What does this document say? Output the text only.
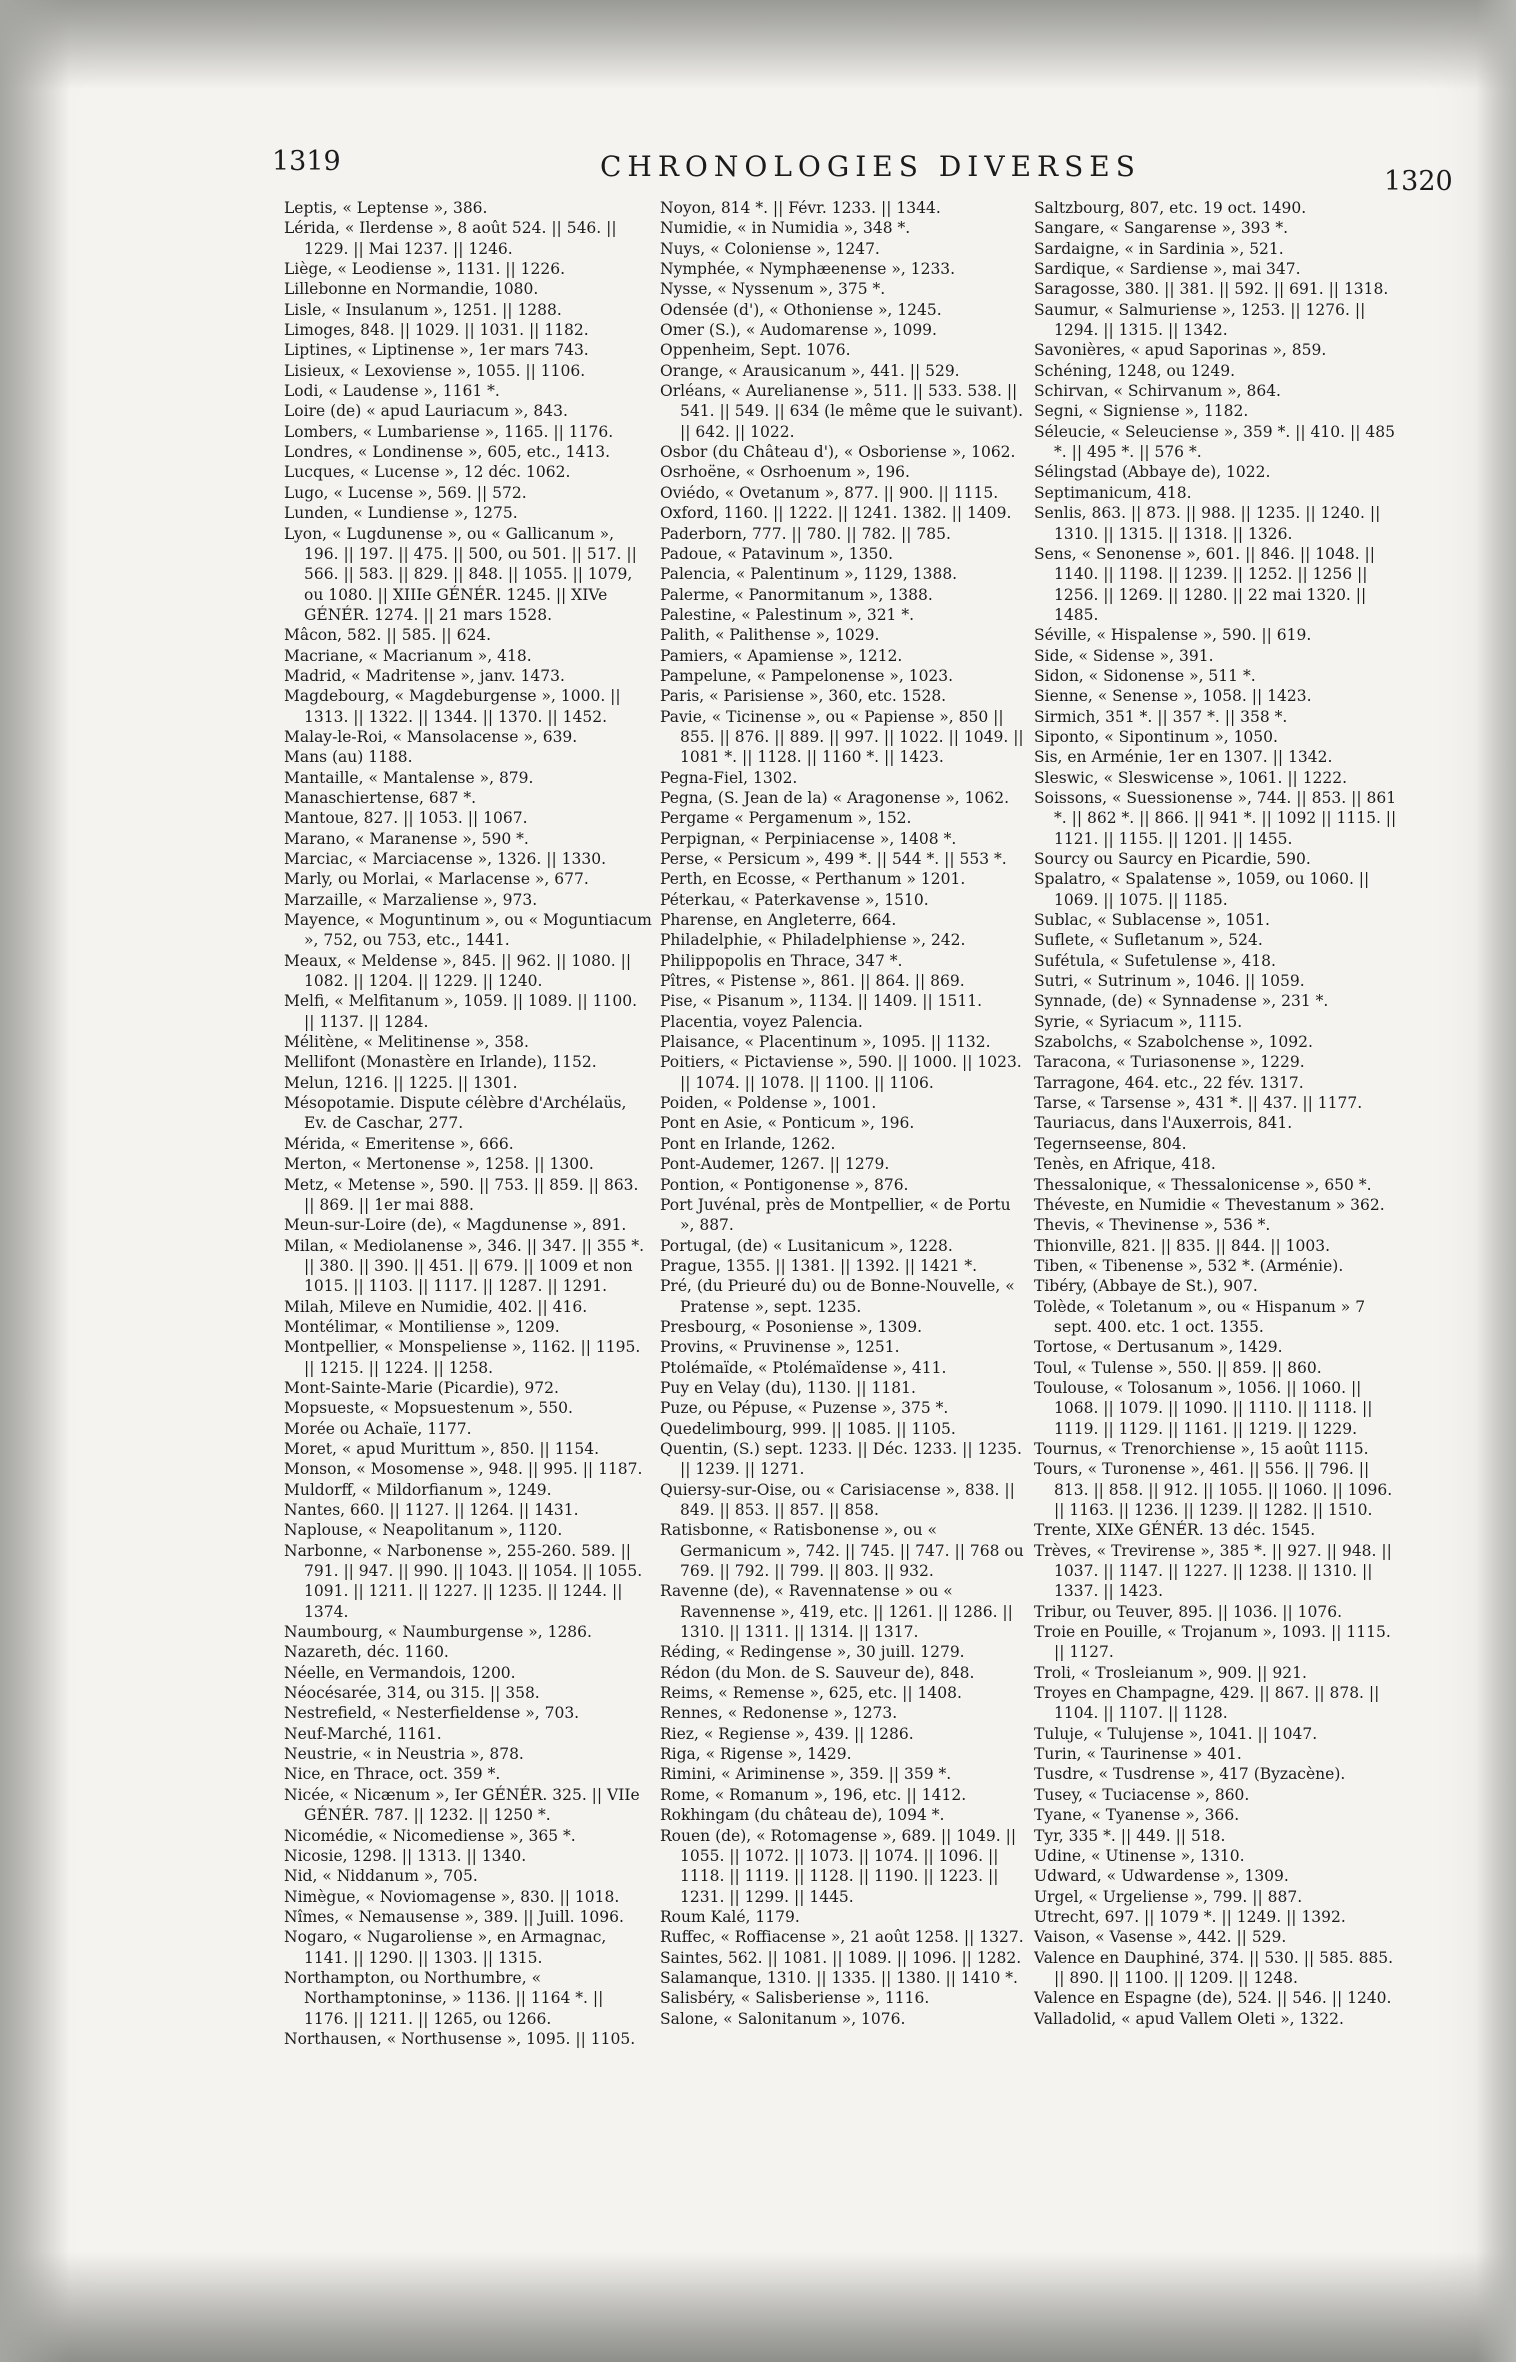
1319	CHRONOLOGIES DIVERSES	1320

Leptis, « Leptense », 386.

Lérida, « Ilerdense », 8 août 524. || 546. || 1229. || Mai 1237. || 1246.

Liège, « Leodiense », 1131. || 1226.

Lillebonne en Normandie, 1080.

Lisle, « Insulanum », 1251. || 1288.

Limoges, 848. || 1029. || 1031. || 1182.

Liptines, « Liptinense », 1er mars 743.

Lisieux, « Lexoviense », 1055. || 1106.

Lodi, « Laudense », 1161 *.

Loire (de) « apud Lauriacum », 843.

Lombers, « Lumbariense », 1165. || 1176.

Londres, « Londinense », 605, etc., 1413.

Lucques, « Lucense », 12 déc. 1062.

Lugo, « Lucense », 569. || 572.

Lunden, « Lundiense », 1275.

Lyon, « Lugdunense », ou « Gallicanum », 196. || 197. || 475. || 500, ou 501. || 517. || 566. || 583. || 829. || 848. || 1055. || 1079, ou 1080. || XIIIe GÉNÉR. 1245. || XIVe GÉNÉR. 1274. || 21 mars 1528.

Mâcon, 582. || 585. || 624.

Macriane, « Macrianum », 418.

Madrid, « Madritense », janv. 1473.

Magdebourg, « Magdeburgense », 1000. || 1313. || 1322. || 1344. || 1370. || 1452.

Malay-le-Roi, « Mansolacense », 639.

Mans (au) 1188.

Mantaille, « Mantalense », 879.

Manaschiertense, 687 *.

Mantoue, 827. || 1053. || 1067.

Marano, « Maranense », 590 *.

Marciac, « Marciacense », 1326. || 1330.

Marly, ou Morlai, « Marlacense », 677.

Marzaille, « Marzaliense », 973.

Mayence, « Moguntinum », ou « Moguntiacum », 752, ou 753, etc., 1441.

Meaux, « Meldense », 845. || 962. || 1080. || 1082. || 1204. || 1229. || 1240.

Melfi, « Melfitanum », 1059. || 1089. || 1100. || 1137. || 1284.

Mélitène, « Melitinense », 358.

Mellifont (Monastère en Irlande), 1152.

Melun, 1216. || 1225. || 1301.

Mésopotamie. Dispute célèbre d'Archélaüs, Ev. de Caschar, 277.

Mérida, « Emeritense », 666.

Merton, « Mertonense », 1258. || 1300.

Metz, « Metense », 590. || 753. || 859. || 863. || 869. || 1er mai 888.

Meun-sur-Loire (de), « Magdunense », 891.

Milan, « Mediolanense », 346. || 347. || 355 *. || 380. || 390. || 451. || 679. || 1009 et non 1015. || 1103. || 1117. || 1287. || 1291.

Milah, Mileve en Numidie, 402. || 416.

Montélimar, « Montiliense », 1209.

Montpellier, « Monspeliense », 1162. || 1195. || 1215. || 1224. || 1258.

Mont-Sainte-Marie (Picardie), 972.

Mopsueste, « Mopsuestenum », 550.

Morée ou Achaïe, 1177.

Moret, « apud Murittum », 850. || 1154.

Monson, « Mosomense », 948. || 995. || 1187.

Muldorff, « Mildorfianum », 1249.

Nantes, 660. || 1127. || 1264. || 1431.

Naplouse, « Neapolitanum », 1120.

Narbonne, « Narbonense », 255-260. 589. || 791. || 947. || 990. || 1043. || 1054. || 1055. 1091. || 1211. || 1227. || 1235. || 1244. || 1374.

Naumbourg, « Naumburgense », 1286.

Nazareth, déc. 1160.

Néelle, en Vermandois, 1200.

Néocésarée, 314, ou 315. || 358.

Nestrefield, « Nesterfieldense », 703.

Neuf-Marché, 1161.

Neustrie, « in Neustria », 878.

Nice, en Thrace, oct. 359 *.

Nicée, « Nicænum », Ier GÉNÉR. 325. || VIIe GÉNÉR. 787. || 1232. || 1250 *.

Nicomédie, « Nicomediense », 365 *.

Nicosie, 1298. || 1313. || 1340.

Nid, « Niddanum », 705.

Nimègue, « Noviomagense », 830. || 1018.

Nîmes, « Nemausense », 389. || Juill. 1096.

Nogaro, « Nugaroliense », en Armagnac, 1141. || 1290. || 1303. || 1315.

Northampton, ou Northumbre, « Northamptoninse, » 1136. || 1164 *. || 1176. || 1211. || 1265, ou 1266.

Northausen, « Northusense », 1095. || 1105.

Noyon, 814 *. || Févr. 1233. || 1344.

Numidie, « in Numidia », 348 *.

Nuys, « Coloniense », 1247.

Nymphée, « Nymphæenense », 1233.

Nysse, « Nyssenum », 375 *.

Odensée (d'), « Othoniense », 1245.

Omer (S.), « Audomarense », 1099.

Oppenheim, Sept. 1076.

Orange, « Arausicanum », 441. || 529.

Orléans, « Aurelianense », 511. || 533. 538. || 541. || 549. || 634 (le même que le suivant). || 642. || 1022.

Osbor (du Château d'), « Osboriense », 1062.

Osrhoëne, « Osrhoenum », 196.

Oviédo, « Ovetanum », 877. || 900. || 1115.

Oxford, 1160. || 1222. || 1241. 1382. || 1409.

Paderborn, 777. || 780. || 782. || 785.

Padoue, « Patavinum », 1350.

Palencia, « Palentinum », 1129, 1388.

Palerme, « Panormitanum », 1388.

Palestine, « Palestinum », 321 *.

Palith, « Palithense », 1029.

Pamiers, « Apamiense », 1212.

Pampelune, « Pampelonense », 1023.

Paris, « Parisiense », 360, etc. 1528.

Pavie, « Ticinense », ou « Papiense », 850 || 855. || 876. || 889. || 997. || 1022. || 1049. || 1081 *. || 1128. || 1160 *. || 1423.

Pegna-Fiel, 1302.

Pegna, (S. Jean de la) « Aragonense », 1062.

Pergame « Pergamenum », 152.

Perpignan, « Perpiniacense », 1408 *.

Perse, « Persicum », 499 *. || 544 *. || 553 *.

Perth, en Ecosse, « Perthanum » 1201.

Péterkau, « Paterkavense », 1510.

Pharense, en Angleterre, 664.

Philadelphie, « Philadelphiense », 242.

Philippopolis en Thrace, 347 *.

Pîtres, « Pistense », 861. || 864. || 869.

Pise, « Pisanum », 1134. || 1409. || 1511.

Placentia, voyez Palencia.

Plaisance, « Placentinum », 1095. || 1132.

Poitiers, « Pictaviense », 590. || 1000. || 1023. || 1074. || 1078. || 1100. || 1106.

Poiden, « Poldense », 1001.

Pont en Asie, « Ponticum », 196.

Pont en Irlande, 1262.

Pont-Audemer, 1267. || 1279.

Pontion, « Pontigonense », 876.

Port Juvénal, près de Montpellier, « de Portu », 887.

Portugal, (de) « Lusitanicum », 1228.

Prague, 1355. || 1381. || 1392. || 1421 *.

Pré, (du Prieuré du) ou de Bonne-Nouvelle, « Pratense », sept. 1235.

Presbourg, « Posoniense », 1309.

Provins, « Pruvinense », 1251.

Ptolémaïde, « Ptolémaïdense », 411.

Puy en Velay (du), 1130. || 1181.

Puze, ou Pépuse, « Puzense », 375 *.

Quedelimbourg, 999. || 1085. || 1105.

Quentin, (S.) sept. 1233. || Déc. 1233. || 1235. || 1239. || 1271.

Quiersy-sur-Oise, ou « Carisiacense », 838. || 849. || 853. || 857. || 858.

Ratisbonne, « Ratisbonense », ou « Germanicum », 742. || 745. || 747. || 768 ou 769. || 792. || 799. || 803. || 932.

Ravenne (de), « Ravennatense » ou « Ravennense », 419, etc. || 1261. || 1286. || 1310. || 1311. || 1314. || 1317.

Réding, « Redingense », 30 juill. 1279.

Rédon (du Mon. de S. Sauveur de), 848.

Reims, « Remense », 625, etc. || 1408.

Rennes, « Redonense », 1273.

Riez, « Regiense », 439. || 1286.

Riga, « Rigense », 1429.

Rimini, « Ariminense », 359. || 359 *.

Rome, « Romanum », 196, etc. || 1412.

Rokhingam (du château de), 1094 *.

Rouen (de), « Rotomagense », 689. || 1049. || 1055. || 1072. || 1073. || 1074. || 1096. || 1118. || 1119. || 1128. || 1190. || 1223. || 1231. || 1299. || 1445.

Roum Kalé, 1179.

Ruffec, « Roffiacense », 21 août 1258. || 1327.

Saintes, 562. || 1081. || 1089. || 1096. || 1282.

Salamanque, 1310. || 1335. || 1380. || 1410 *.

Salisbéry, « Salisberiense », 1116.

Salone, « Salonitanum », 1076.

Saltzbourg, 807, etc. 19 oct. 1490.

Sangare, « Sangarense », 393 *.

Sardaigne, « in Sardinia », 521.

Sardique, « Sardiense », mai 347.

Saragosse, 380. || 381. || 592. || 691. || 1318.

Saumur, « Salmuriense », 1253. || 1276. || 1294. || 1315. || 1342.

Savonières, « apud Saporinas », 859.

Schéning, 1248, ou 1249.

Schirvan, « Schirvanum », 864.

Segni, « Signiense », 1182.

Séleucie, « Seleuciense », 359 *. || 410. || 485 *. || 495 *. || 576 *.

Sélingstad (Abbaye de), 1022.

Septimanicum, 418.

Senlis, 863. || 873. || 988. || 1235. || 1240. || 1310. || 1315. || 1318. || 1326.

Sens, « Senonense », 601. || 846. || 1048. || 1140. || 1198. || 1239. || 1252. || 1256 || 1256. || 1269. || 1280. || 22 mai 1320. || 1485.

Séville, « Hispalense », 590. || 619.

Side, « Sidense », 391.

Sidon, « Sidonense », 511 *.

Sienne, « Senense », 1058. || 1423.

Sirmich, 351 *. || 357 *. || 358 *.

Siponto, « Sipontinum », 1050.

Sis, en Arménie, 1er en 1307. || 1342.

Sleswic, « Sleswicense », 1061. || 1222.

Soissons, « Suessionense », 744. || 853. || 861 *. || 862 *. || 866. || 941 *. || 1092 || 1115. || 1121. || 1155. || 1201. || 1455.

Sourcy ou Saurcy en Picardie, 590.

Spalatro, « Spalatense », 1059, ou 1060. || 1069. || 1075. || 1185.

Sublac, « Sublacense », 1051.

Suflete, « Sufletanum », 524.

Sufétula, « Sufetulense », 418.

Sutri, « Sutrinum », 1046. || 1059.

Synnade, (de) « Synnadense », 231 *.

Syrie, « Syriacum », 1115.

Szabolchs, « Szabolchense », 1092.

Taracona, « Turiasonense », 1229.

Tarragone, 464. etc., 22 fév. 1317.

Tarse, « Tarsense », 431 *. || 437. || 1177.

Tauriacus, dans l'Auxerrois, 841.

Tegernseense, 804.

Tenès, en Afrique, 418.

Thessalonique, « Thessalonicense », 650 *.

Théveste, en Numidie « Thevestanum » 362.

Thevis, « Thevinense », 536 *.

Thionville, 821. || 835. || 844. || 1003.

Tiben, « Tibenense », 532 *. (Arménie).

Tibéry, (Abbaye de St.), 907.

Tolède, « Toletanum », ou « Hispanum » 7 sept. 400. etc. 1 oct. 1355.

Tortose, « Dertusanum », 1429.

Toul, « Tulense », 550. || 859. || 860.

Toulouse, « Tolosanum », 1056. || 1060. || 1068. || 1079. || 1090. || 1110. || 1118. || 1119. || 1129. || 1161. || 1219. || 1229.

Tournus, « Trenorchiense », 15 août 1115.

Tours, « Turonense », 461. || 556. || 796. || 813. || 858. || 912. || 1055. || 1060. || 1096. || 1163. || 1236. || 1239. || 1282. || 1510.

Trente, XIXe GÉNÉR. 13 déc. 1545.

Trèves, « Trevirense », 385 *. || 927. || 948. || 1037. || 1147. || 1227. || 1238. || 1310. || 1337. || 1423.

Tribur, ou Teuver, 895. || 1036. || 1076.

Troie en Pouille, « Trojanum », 1093. || 1115. || 1127.

Troli, « Trosleianum », 909. || 921.

Troyes en Champagne, 429. || 867. || 878. || 1104. || 1107. || 1128.

Tuluje, « Tulujense », 1041. || 1047.

Turin, « Taurinense » 401.

Tusdre, « Tusdrense », 417 (Byzacène).

Tusey, « Tuciacense », 860.

Tyane, « Tyanense », 366.

Tyr, 335 *. || 449. || 518.

Udine, « Utinense », 1310.

Udward, « Udwardense », 1309.

Urgel, « Urgeliense », 799. || 887.

Utrecht, 697. || 1079 *. || 1249. || 1392.

Vaison, « Vasense », 442. || 529.

Valence en Dauphiné, 374. || 530. || 585. 885. || 890. || 1100. || 1209. || 1248.

Valence en Espagne (de), 524. || 546. || 1240.

Valladolid, « apud Vallem Oleti », 1322.
